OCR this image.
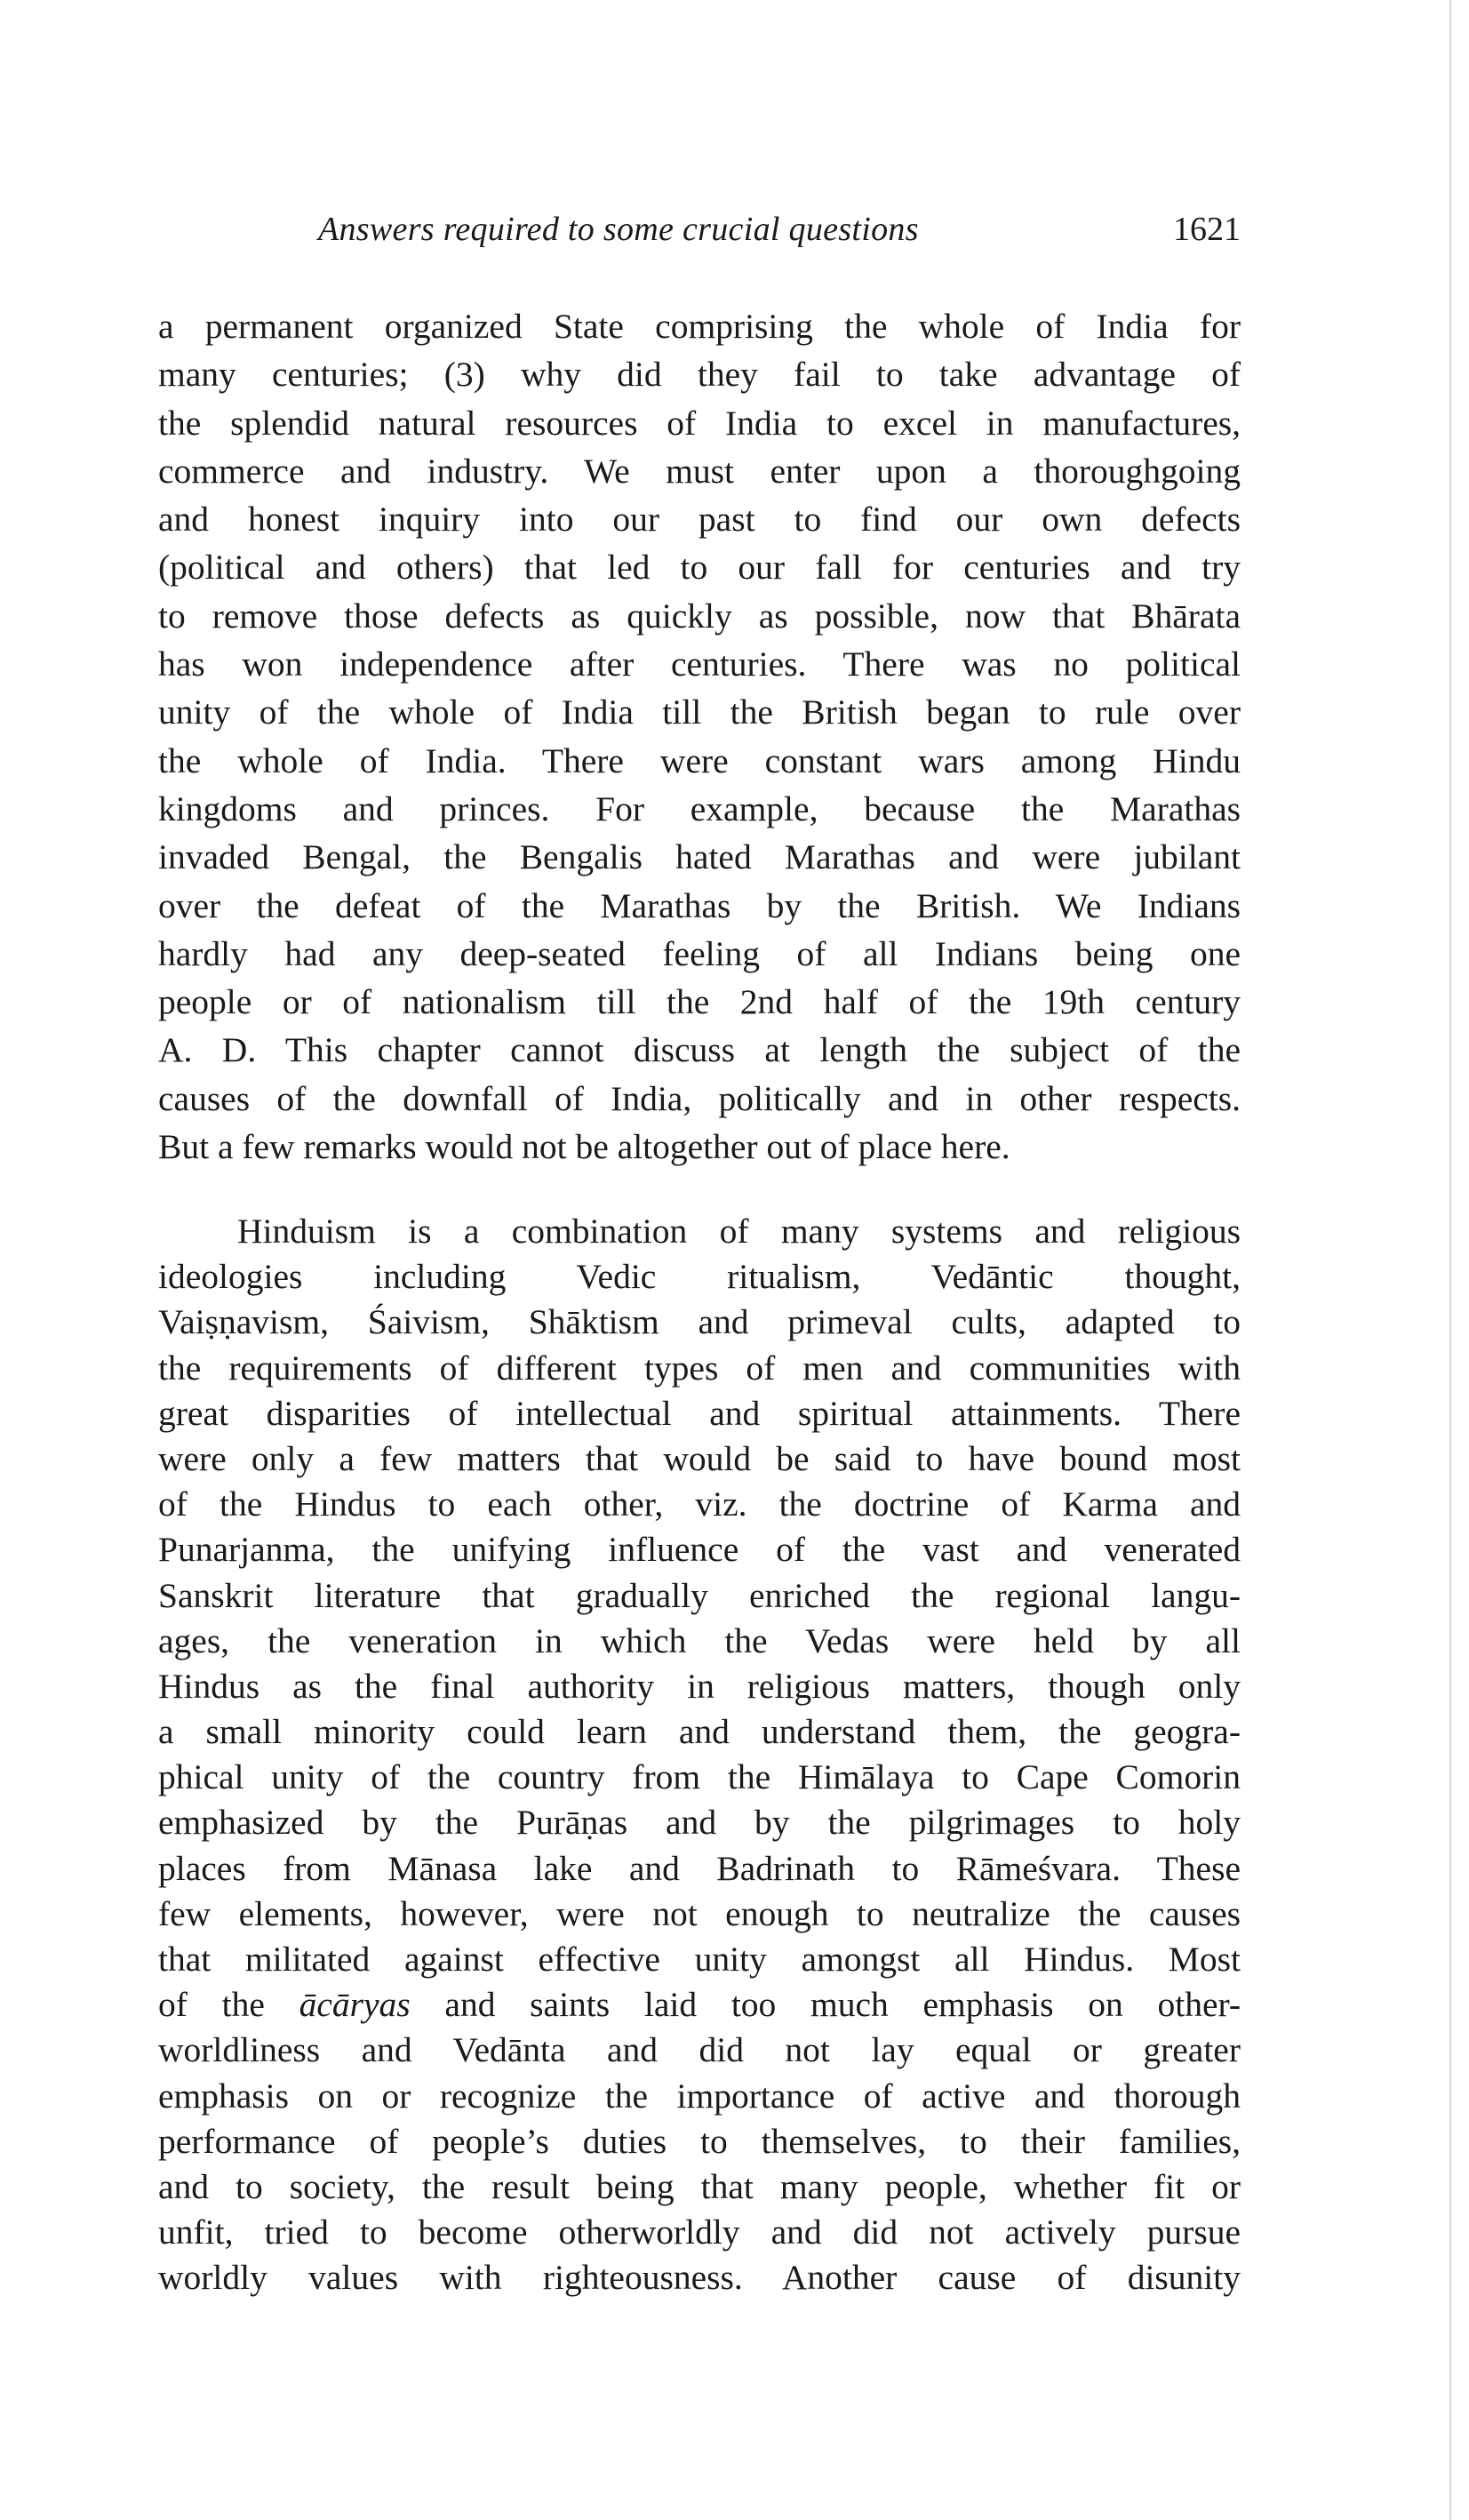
Answers required to some crucial questions	1621
a permanent organized State comprising the whole of India for
many centuries; (3) why did they fail to take advantage of
the splendid natural resources of India to excel in manufactures,
commerce and industry. We must enter upon a thoroughgoing
and honest inquiry into our past to find our own defects
(political and others) that led to our fall for centuries and try
to remove those defects as quickly as possible, now that Bhārata
has won independence after centuries. There was no political
unity of the whole of India till the British began to rule over
the whole of India. There were constant wars among Hindu
kingdoms and princes. For example, because the Marathas
invaded Bengal, the Bengalis hated Marathas and were jubilant
over the defeat of the Marathas by the British. We Indians
hardly had any deep-seated feeling of all Indians being one
people or of nationalism till the 2nd half of the 19th century
A. D. This chapter cannot discuss at length the subject of the
causes of the downfall of India, politically and in other respects.
But a few remarks would not be altogether out of place here.
Hinduism is a combination of many systems and religious
ideologies including Vedic ritualism, Vedāntic thought,
Vaiṣṇavism, Śaivism, Shāktism and primeval cults, adapted to
the requirements of different types of men and communities with
great disparities of intellectual and spiritual attainments. There
were only a few matters that would be said to have bound most
of the Hindus to each other, viz. the doctrine of Karma and
Punarjanma, the unifying influence of the vast and venerated
Sanskrit literature that gradually enriched the regional langu-
ages, the veneration in which the Vedas were held by all
Hindus as the final authority in religious matters, though only
a small minority could learn and understand them, the geogra-
phical unity of the country from the Himālaya to Cape Comorin
emphasized by the Purāṇas and by the pilgrimages to holy
places from Mānasa lake and Badrinath to Rāmeśvara. These
few elements, however, were not enough to neutralize the causes
that militated against effective unity amongst all Hindus. Most
of the ācāryas and saints laid too much emphasis on other-
worldliness and Vedānta and did not lay equal or greater
emphasis on or recognize the importance of active and thorough
performance of people’s duties to themselves, to their families,
and to society, the result being that many people, whether fit or
unfit, tried to become otherworldly and did not actively pursue
worldly values with righteousness. Another cause of disunity
